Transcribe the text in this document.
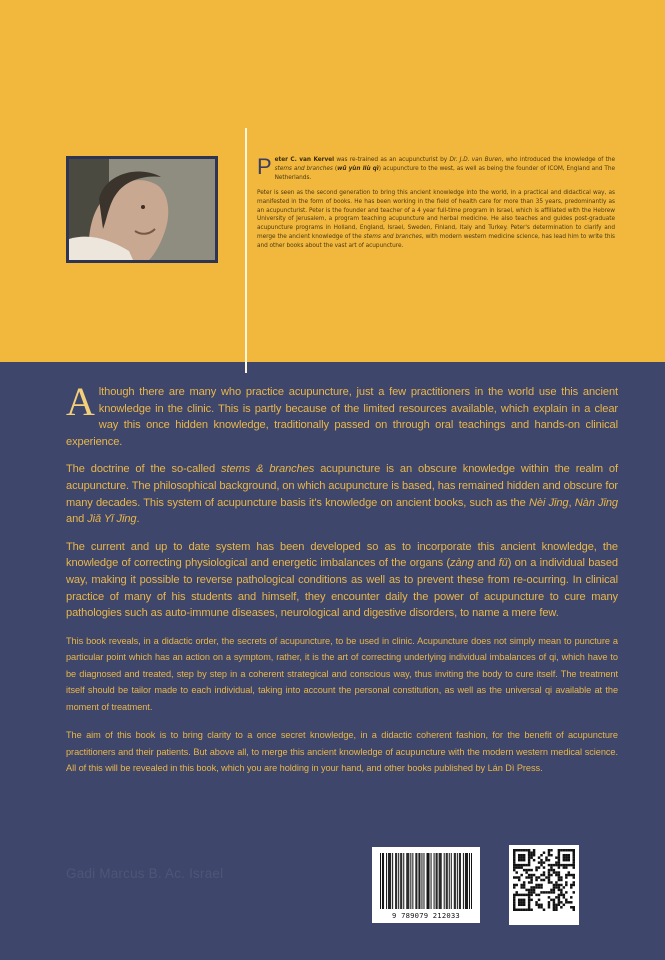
Peter C. van Kervel was re-trained as an acupuncturist by Dr. J.D. van Buren, who introduced the knowledge of the stems and branches (wǔ yùn liù qì) acupuncture to the west, as well as being the founder of ICOM, England and The Netherlands.

Peter is seen as the second generation to bring this ancient knowledge into the world, in a practical and didactical way, as manifested in the form of books. He has been working in the field of health care for more than 35 years, predominantly as an acupuncturist. Peter is the founder and teacher of a 4 year full-time program in Israel, which is affiliated with the Hebrew University of Jerusalem, a program teaching acupuncture and herbal medicine. He also teaches and guides post-graduate acupuncture programs in Holland, England, Israel, Sweden, Finland, Italy and Turkey. Peter's determination to clarify and merge the ancient knowledge of the stems and branches, with modern western medicine science, has lead him to write this and other books about the vast art of acupuncture.

Although there are many who practice acupuncture, just a few practitioners in the world use this ancient knowledge in the clinic. This is partly because of the limited resources available, which explain in a clear way this once hidden knowledge, traditionally passed on through oral teachings and hands-on clinical experience.

The doctrine of the so-called stems & branches acupuncture is an obscure knowledge within the realm of acupuncture. The philosophical background, on which acupuncture is based, has remained hidden and obscure for many decades. This system of acupuncture basis it's knowledge on ancient books, such as the Nèi Jīng, Nàn Jīng and Jiǎ Yǐ Jīng.

The current and up to date system has been developed so as to incorporate this ancient knowledge, the knowledge of correcting physiological and energetic imbalances of the organs (zàng and fǔ) on a individual based way, making it possible to reverse pathological conditions as well as to prevent these from re-ocurring. In clinical practice of many of his students and himself, they encounter daily the power of acupuncture to cure many pathologies such as auto-immune diseases, neurological and digestive disorders, to name a mere few.

This book reveals, in a didactic order, the secrets of acupuncture, to be used in clinic. Acupuncture does not simply mean to puncture a particular point which has an action on a symptom, rather, it is the art of correcting underlying individual imbalances of qi, which have to be diagnosed and treated, step by step in a coherent strategical and conscious way, thus inviting the body to cure itself. The treatment itself should be tailor made to each individual, taking into account the personal constitution, as well as the universal qi available at the moment of treatment.

The aim of this book is to bring clarity to a once secret knowledge, in a didactic coherent fashion, for the benefit of acupuncture practitioners and their patients. But above all, to merge this ancient knowledge of acupuncture with the modern western medical science. All of this will be revealed in this book, which you are holding in your hand, and other books published by Lán Dì Press.

Gadi Marcus B. Ac. Israel
9 789079 212033
